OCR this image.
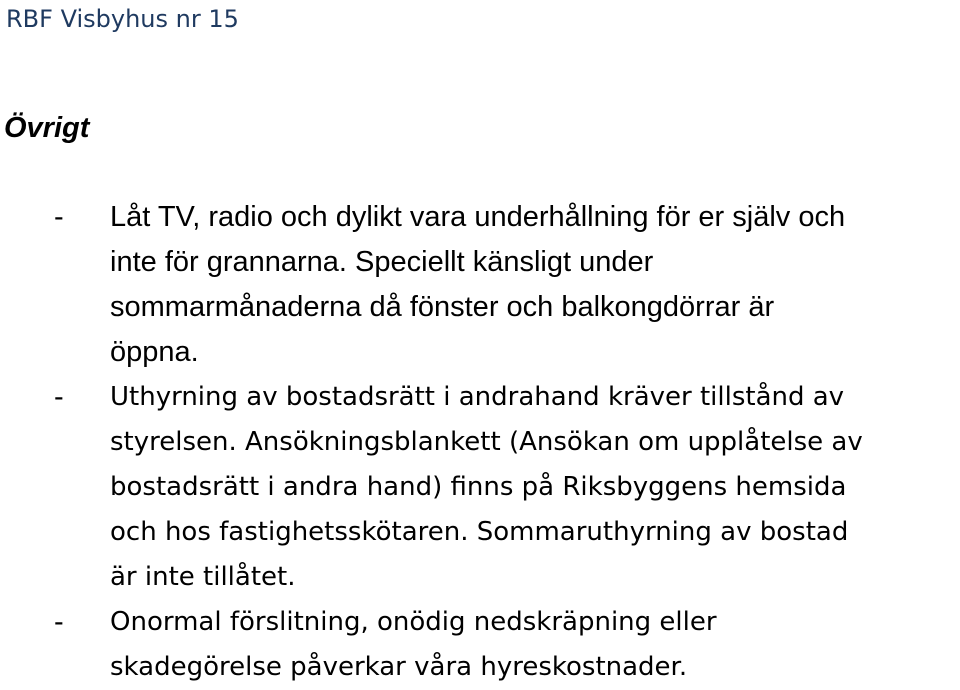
RBF Visbyhus nr 15
Övrigt
-	Låt TV, radio och dylikt vara underhållning för er själv och
inte för grannarna. Speciellt känsligt under
sommarmånaderna då fönster och balkongdörrar är
öppna.
-	Uthyrning av bostadsrätt i andrahand kräver tillstånd av
styrelsen. Ansökningsblankett (Ansökan om upplåtelse av
bostadsrätt i andra hand) finns på Riksbyggens hemsida
och hos fastighetsskötaren. Sommaruthyrning av bostad
är inte tillåtet.
-	Onormal förslitning, onödig nedskräpning eller
skadegörelse påverkar våra hyreskostnader.
